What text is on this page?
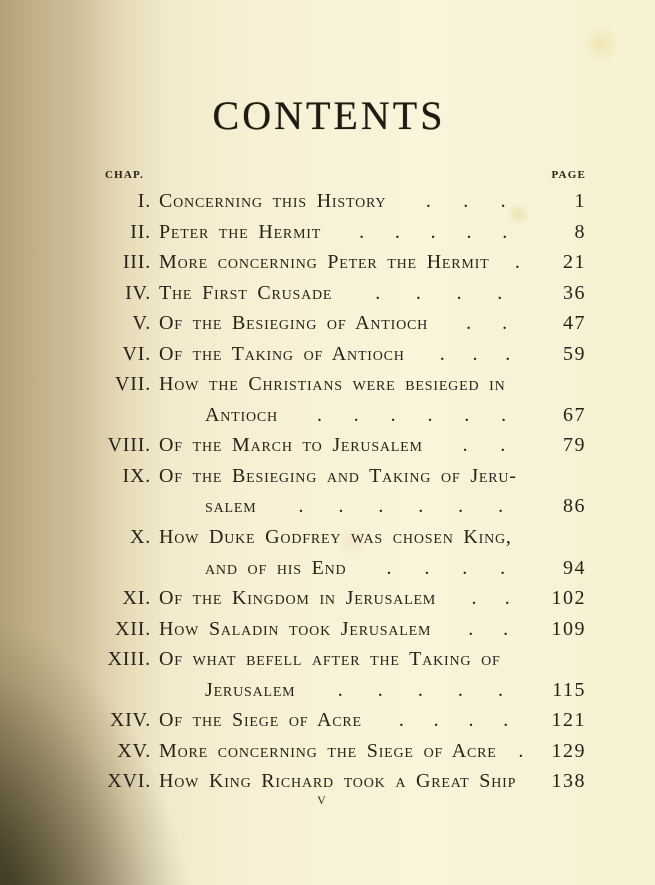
CONTENTS
CHAP.	PAGE
I. Concerning this History . . .	1
II. Peter the Hermit . . . . .	8
III. More concerning Peter the Hermit .	21
IV. The First Crusade . . . .	36
V. Of the Besieging of Antioch . .	47
VI. Of the Taking of Antioch . . .	59
VII. How the Christians were besieged in
Antioch . . . . . .	67
VIII. Of the March to Jerusalem . .	79
IX. Of the Besieging and Taking of Jeru-
salem . . . . . .	86
X. How Duke Godfrey was chosen King,
and of his End . . . .	94
XI. Of the Kingdom in Jerusalem . . 102
XII. How Saladin took Jerusalem . . 109
XIII. Of what befell after the Taking of
Jerusalem . . . . .	115
XIV. Of the Siege of Acre . . . . 121
XV. More concerning the Siege of Acre . 129
XVI. How King Richard took a Great Ship 138
v
